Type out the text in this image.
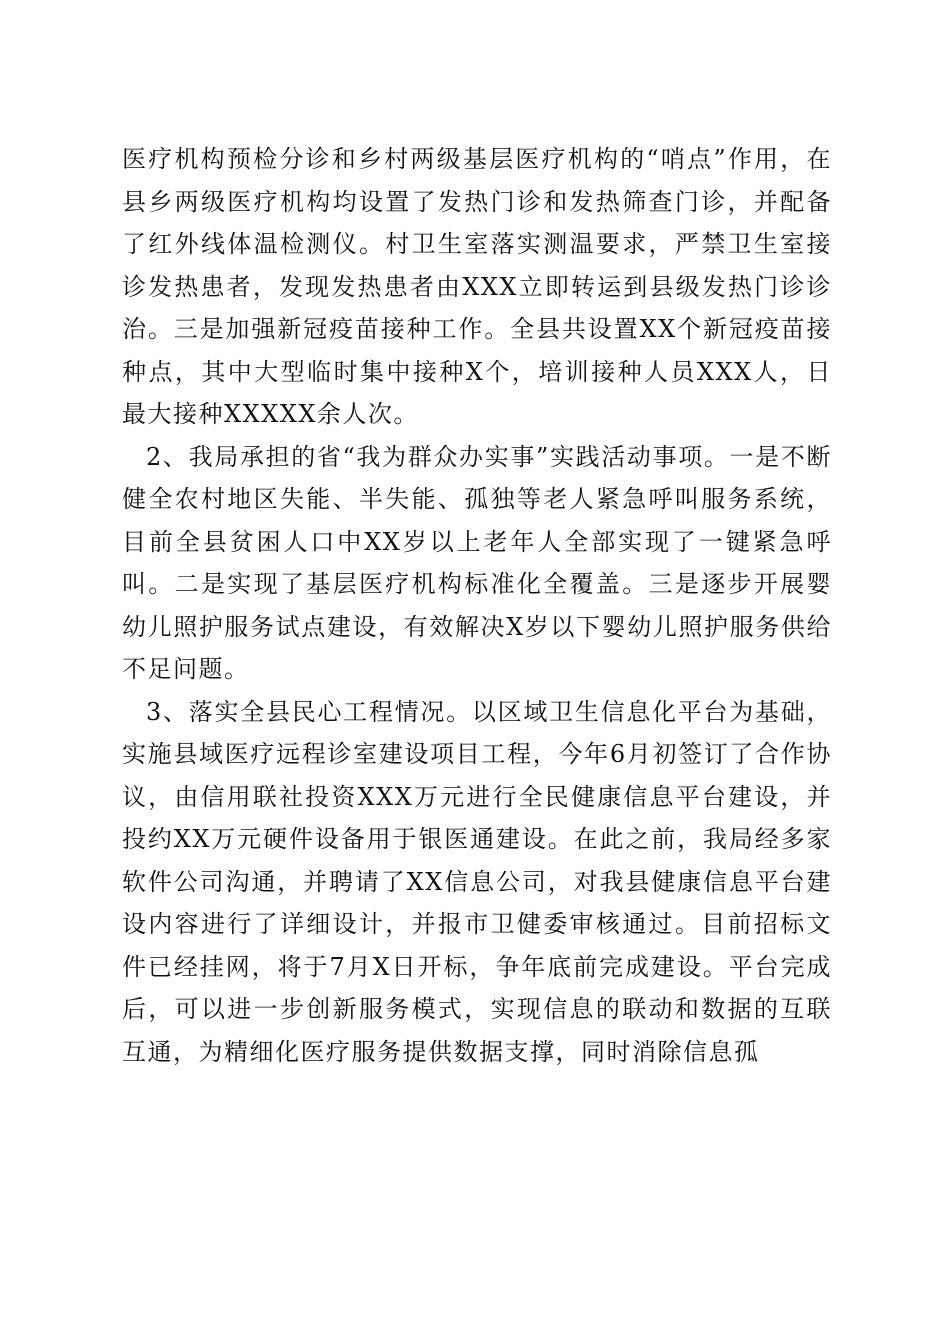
医疗机构预检分诊和乡村两级基层医疗机构的“哨点”作用，在县乡两级医疗机构均设置了发热门诊和发热筛查门诊，并配备了红外线体温检测仪。村卫生室落实测温要求，严禁卫生室接诊发热患者，发现发热患者由XXX立即转运到县级发热门诊诊治。三是加强新冠疫苗接种工作。全县共设置XX个新冠疫苗接种点，其中大型临时集中接种X个，培训接种人员XXX人，日最大接种XXXXX余人次。

2、我局承担的省“我为群众办实事”实践活动事项。一是不断健全农村地区失能、半失能、孤独等老人紧急呼叫服务系统，目前全县贫困人口中XX岁以上老年人全部实现了一键紧急呼叫。二是实现了基层医疗机构标准化全覆盖。三是逐步开展婴幼儿照护服务试点建设，有效解决X岁以下婴幼儿照护服务供给不足问题。

3、落实全县民心工程情况。以区域卫生信息化平台为基础，实施县域医疗远程诊室建设项目工程，今年6月初签订了合作协议，由信用联社投资XXX万元进行全民健康信息平台建设，并投约XX万元硬件设备用于银医通建设。在此之前，我局经多家软件公司沟通，并聘请了XX信息公司，对我县健康信息平台建设内容进行了详细设计，并报市卫健委审核通过。目前招标文件已经挂网，将于7月X日开标，争年底前完成建设。平台完成后，可以进一步创新服务模式，实现信息的联动和数据的互联互通，为精细化医疗服务提供数据支撑，同时消除信息孤
